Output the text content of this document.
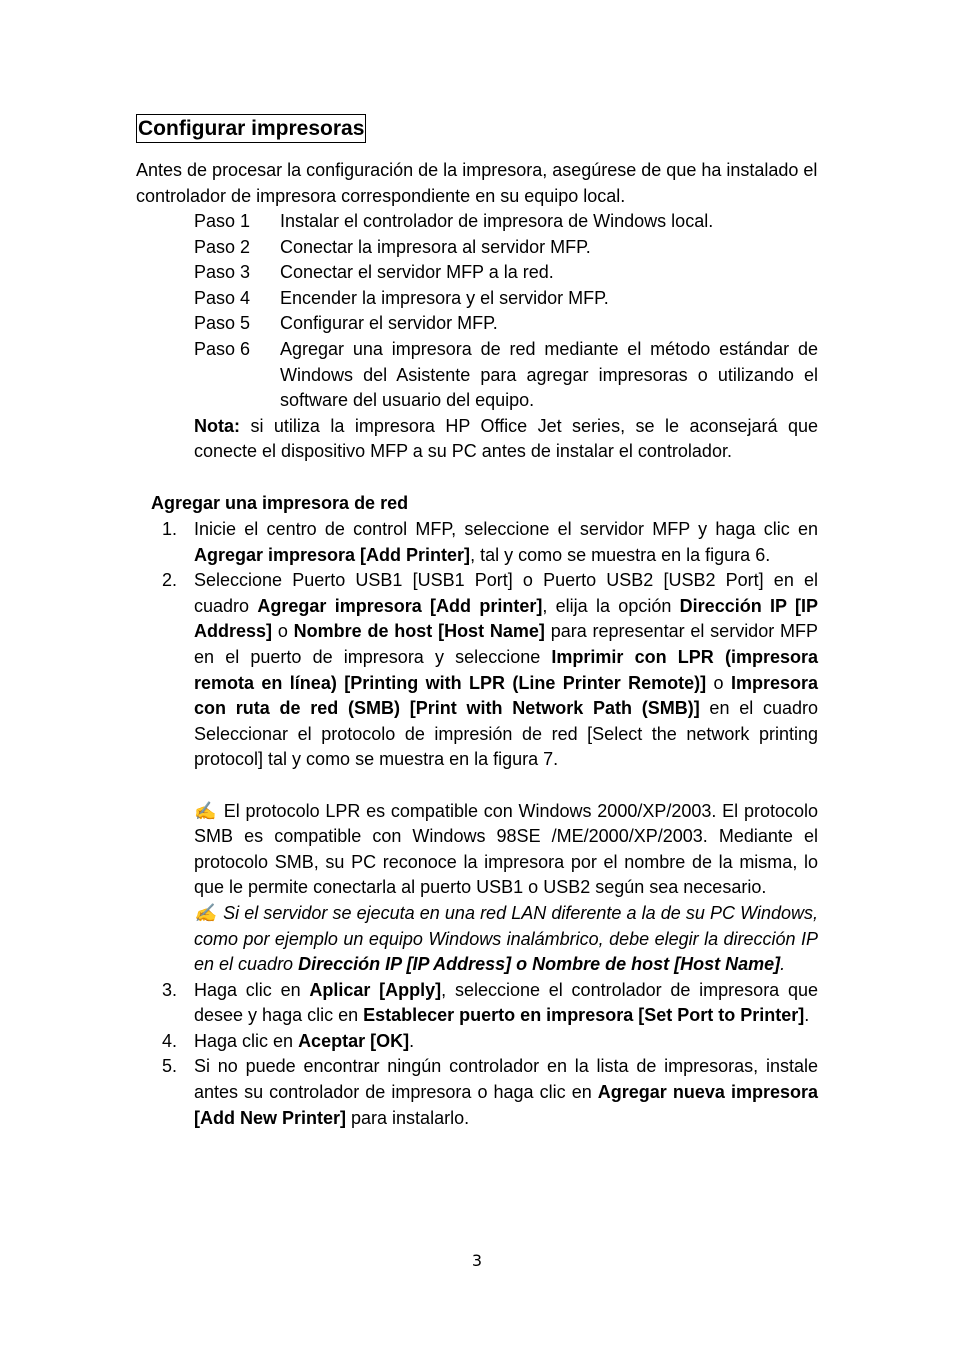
Configurar impresoras
Antes de procesar la configuración de la impresora, asegúrese de que ha instalado el controlador de impresora correspondiente en su equipo local.
Paso 1	Instalar el controlador de impresora de Windows local.
Paso 2	Conectar la impresora al servidor MFP.
Paso 3	Conectar el servidor MFP a la red.
Paso 4	Encender la impresora y el servidor MFP.
Paso 5	Configurar el servidor MFP.
Paso 6	Agregar una impresora de red mediante el método estándar de Windows del Asistente para agregar impresoras o utilizando el software del usuario del equipo.
Nota: si utiliza la impresora HP Office Jet series, se le aconsejará que conecte el dispositivo MFP a su PC antes de instalar el controlador.
Agregar una impresora de red
1. Inicie el centro de control MFP, seleccione el servidor MFP y haga clic en Agregar impresora [Add Printer], tal y como se muestra en la figura 6.
2. Seleccione Puerto USB1 [USB1 Port] o Puerto USB2 [USB2 Port] en el cuadro Agregar impresora [Add printer], elija la opción Dirección IP [IP Address] o Nombre de host [Host Name] para representar el servidor MFP en el puerto de impresora y seleccione Imprimir con LPR (impresora remota en línea) [Printing with LPR (Line Printer Remote)] o Impresora con ruta de red (SMB) [Print with Network Path (SMB)] en el cuadro Seleccionar el protocolo de impresión de red [Select the network printing protocol] tal y como se muestra en la figura 7.
✍ El protocolo LPR es compatible con Windows 2000/XP/2003. El protocolo SMB es compatible con Windows 98SE /ME/2000/XP/2003. Mediante el protocolo SMB, su PC reconoce la impresora por el nombre de la misma, lo que le permite conectarla al puerto USB1 o USB2 según sea necesario.
✍ Si el servidor se ejecuta en una red LAN diferente a la de su PC Windows, como por ejemplo un equipo Windows inalámbrico, debe elegir la dirección IP en el cuadro Dirección IP [IP Address] o Nombre de host [Host Name].
3. Haga clic en Aplicar [Apply], seleccione el controlador de impresora que desee y haga clic en Establecer puerto en impresora [Set Port to Printer].
4. Haga clic en Aceptar [OK].
5. Si no puede encontrar ningún controlador en la lista de impresoras, instale antes su controlador de impresora o haga clic en Agregar nueva impresora [Add New Printer] para instalarlo.
3
